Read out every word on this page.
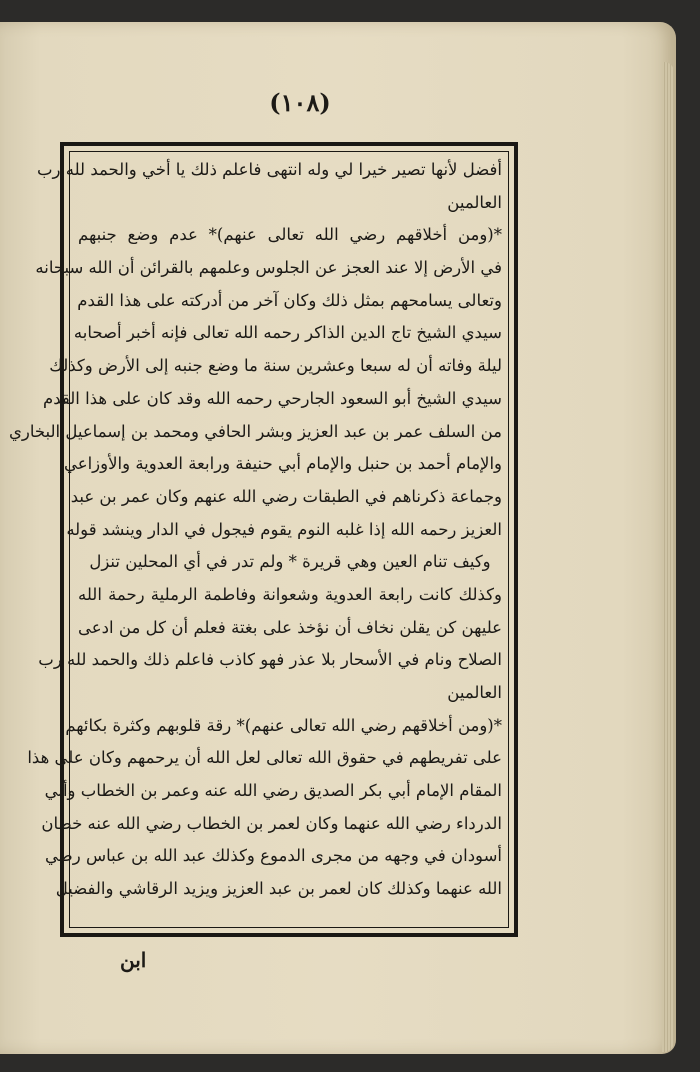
(١٠٨)
أفضل لأنها تصير خيرا لي وله انتهى فاعلم ذلك يا أخي والحمد لله رب
العالمين
*(ومن أخلاقهم رضي الله تعالى عنهم)* عدم وضع جنبهم
في الأرض إلا عند العجز عن الجلوس وعلمهم بالقرائن أن الله سبحانه
وتعالى يسامحهم بمثل ذلك وكان آخر من أدركته على هذا القدم
سيدي الشيخ تاج الدين الذاكر رحمه الله تعالى فإنه أخبر أصحابه
ليلة وفاته أن له سبعا وعشرين سنة ما وضع جنبه إلى الأرض وكذلك
سيدي الشيخ أبو السعود الجارحي رحمه الله وقد كان على هذا القدم
من السلف عمر بن عبد العزيز وبشر الحافي ومحمد بن إسماعيل البخاري
والإمام أحمد بن حنبل والإمام أبي حنيفة ورابعة العدوية والأوزاعي
وجماعة ذكرناهم في الطبقات رضي الله عنهم وكان عمر بن عبد
العزيز رحمه الله إذا غلبه النوم يقوم فيجول في الدار وينشد قوله
وكيف تنام العين وهي قريرة * ولم تدر في أي المحلين تنزل
وكذلك كانت رابعة العدوية وشعوانة وفاطمة الرملية رحمة الله
عليهن كن يقلن نخاف أن نؤخذ على بغتة فعلم أن كل من ادعى
الصلاح ونام في الأسحار بلا عذر فهو كاذب فاعلم ذلك والحمد لله رب
العالمين
*(ومن أخلاقهم رضي الله تعالى عنهم)* رقة قلوبهم وكثرة بكائهم
على تفريطهم في حقوق الله تعالى لعل الله أن يرحمهم وكان على هذا
المقام الإمام أبي بكر الصديق رضي الله عنه وعمر بن الخطاب وأبي
الدرداء رضي الله عنهما وكان لعمر بن الخطاب رضي الله عنه خطان
أسودان في وجهه من مجرى الدموع وكذلك عبد الله بن عباس رضي
الله عنهما وكذلك كان لعمر بن عبد العزيز ويزيد الرقاشي والفضيل
ابن
